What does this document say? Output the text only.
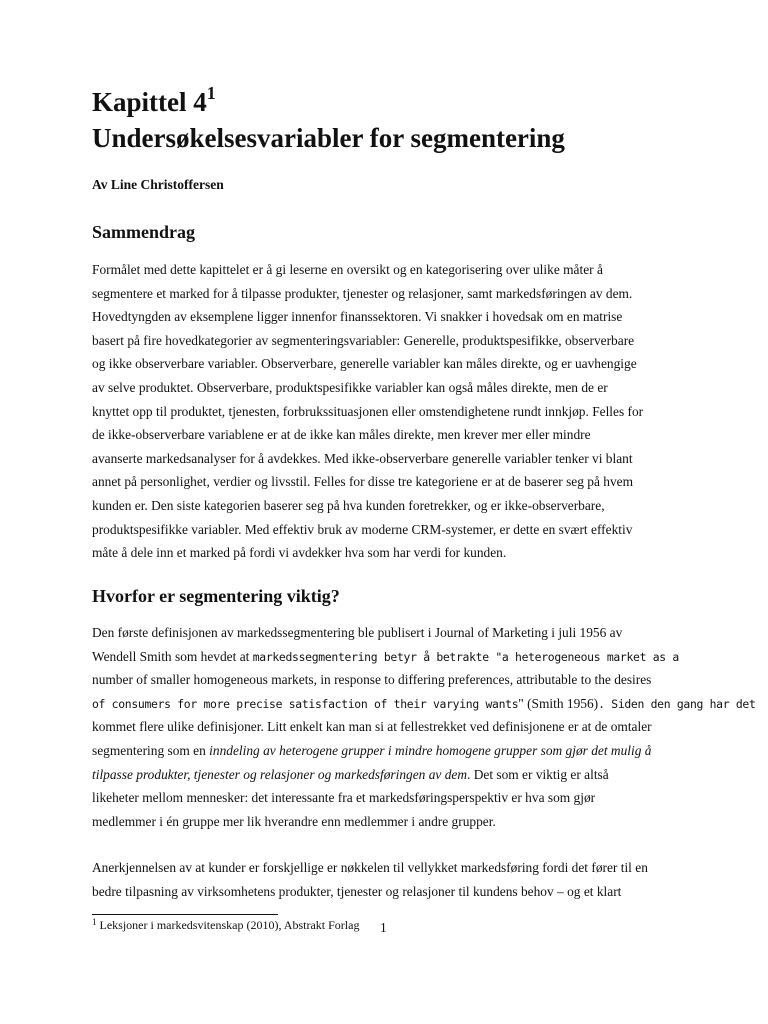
Kapittel $4^1$
Undersøkelsesvariabler for segmentering

Av Line Christoffersen

Sammendrag
Formålet med dette kapittelet er å gi leserne en oversikt og en kategorisering over ulike måter å
segmentere et marked for å tilpasse produkter, tjenester og relasjoner, samt markedsføringen av dem.
Hovedtyngden av eksemplene ligger innenfor finanssektoren. Vi snakker i hovedsak om en matrise
basert på fire hovedkategorier av segmenteringsvariabler: Generelle, produktspesifikke, observerbare
og ikke observerbare variabler. Observerbare, generelle variabler kan måles direkte, og er uavhengige
av selve produktet. Observerbare, produktspesifikke variabler kan også måles direkte, men de er
knyttet opp til produktet, tjenesten, forbrukssituasjonen eller omstendighetene rundt innkjøp. Felles for
de ikke-observerbare variablene er at de ikke kan måles direkte, men krever mer eller mindre
avanserte markedsanalyser for å avdekkes. Med ikke-observerbare generelle variabler tenker vi blant
annet på personlighet, verdier og livsstil. Felles for disse tre kategoriene er at de baserer seg på hvem
kunden er. Den siste kategorien baserer seg på hva kunden foretrekker, og er ikke-observerbare,
produktspesifikke variabler. Med effektiv bruk av moderne CRM-systemer, er dette en svært effektiv
måte å dele inn et marked på fordi vi avdekker hva som har verdi for kunden.
Hvorfor er segmentering viktig?
Den første definisjonen av markedssegmentering ble publisert i Journal of Marketing i juli 1956 av
Wendell Smith som hevdet at markedssegmentering betyr å betrakte "a heterogeneous market as a
number of smaller homogeneous markets, in response to differing preferences, attributable to the desires
of consumers for more precise satisfaction of their varying wants" (Smith 1956). Siden den gang har det
kommet flere ulike definisjoner. Litt enkelt kan man si at fellestrekket ved definisjonene er at de omtaler
segmentering som en inndeling av heterogene grupper i mindre homogene grupper som gjør det mulig å
tilpasse produkter, tjenester og relasjoner og markedsføringen av dem. Det som er viktig er altså
likeheter mellom mennesker: det interessante fra et markedsføringsperspektiv er hva som gjør
medlemmer i én gruppe mer lik hverandre enn medlemmer i andre grupper.
Anerkjennelsen av at kunder er forskjellige er nøkkelen til vellykket markedsføring fordi det fører til en
bedre tilpasning av virksomhetens produkter, tjenester og relasjoner til kundens behov – og et klart
$^1$ Leksjoner i markedsvitenskap (2010), Abstrakt Forlag 1
